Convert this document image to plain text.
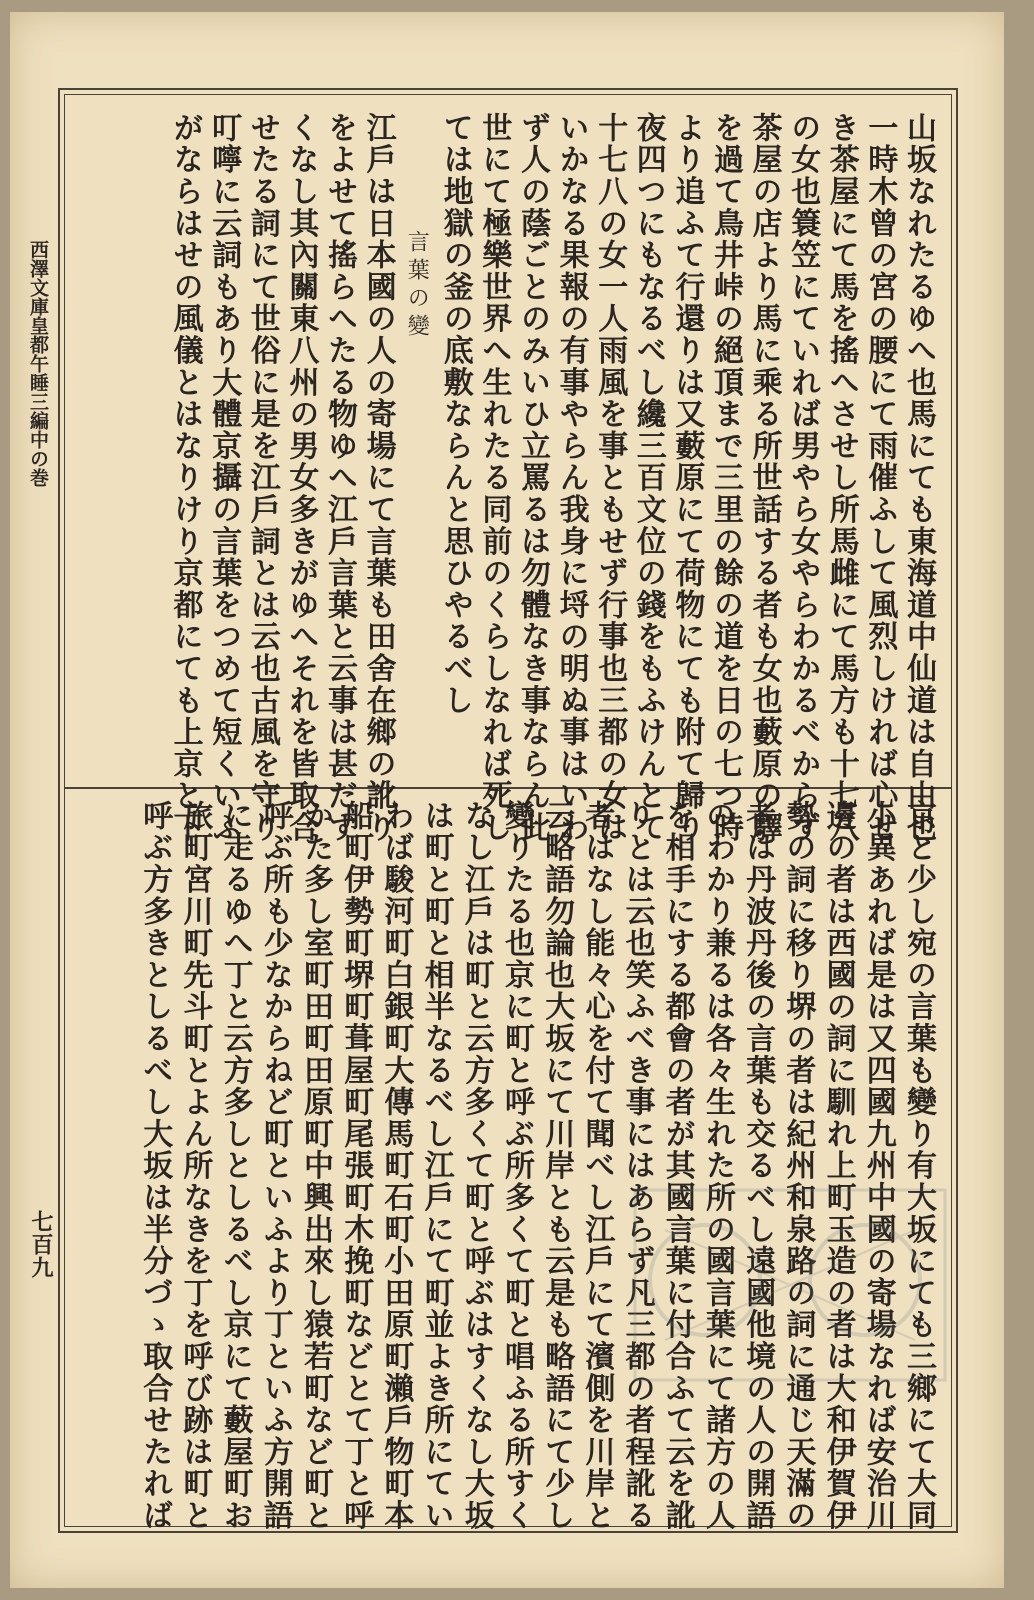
西澤文庫皇都午睡三編中の巻
七百九
山坂なれたるゆへ也馬にても東海道中仙道は自由也
一時木曾の宮の腰にて雨催ふして風烈しければ心せ
き茶屋にて馬を搖へさせし所馬雌にて馬方も十七八
の女也簑笠にていれば男やら女やらわかるべからず
茶屋の店より馬に乘る所世話する者も女也藪原の驛
を過て鳥井峠の絕頂まで三里の餘の道を日の七つ時
より追ふて行還りは又藪原にて荷物にても附て歸り
夜四つにもなるべし纔三百文位の錢をもふけんとて
十七八の女一人雨風を事ともせず行事也三都の女は
いかなる果報の有事やらん我身に埒の明ぬ事はいわ
ず人の蔭ごとのみいひ立罵るは勿體なき事ならん此
世にて極樂世界へ生れたる同前のくらしなれば死し
ては地獄の釜の底敷ならんと思ひやるべし
言葉の變
江戶は日本國の人の寄場にて言葉も田舍在鄉の訛り
をよせて搖らへたる物ゆへ江戶言葉と云事は甚だす
くなし其內關東八州の男女多きがゆへそれを皆取合
せたる詞にて世俗に是を江戶詞とは云也古風を守り
叮嚀に云詞もあり大體京攝の言葉をつめて短くいふ
がならはせの風儀とはなりけり京都にても上京と下
京と少し宛の言葉も變り有大坂にても三鄉にて大同
小異あれば是は又四國九州中國の寄場なれば安治川
邊の者は西國の詞に馴れ上町玉造の者は大和伊賀伊
勢の詞に移り堺の者は紀州和泉路の詞に通じ天滿の
者は丹波丹後の言葉も交るべし遠國他境の人の開語
のわかり兼るは各々生れた所の國言葉にて諸方の人
を相手にする都會の者が其國言葉に付合ふて云を訛
りとは云也笑ふべき事にはあらず凡三都の者程訛る
者はなし能々心を付て聞べし江戶にて濱側を川岸と
云略語勿論也大坂にて川岸とも云是も略語にて少し
變りたる也京に町と呼ぶ所多くて町と唱ふる所すく
なし江戶は町と云方多くて町と呼ぶはすくなし大坂
は町と町と相半なるべし江戶にて町並よき所にてい
わば駿河町白銀町大傳馬町石町小田原町瀨戶物町本
船町伊勢町堺町葺屋町尾張町木挽町などとて丁と呼
かた多し室町田町田原町中興出來し猿若町など町と
呼ぶ所も少なからねど町といふより丁といふ方開語
に走るゆへ丁と云方多しとしるべし京にて藪屋町お
旅町宮川町先斗町とよん所なきを丁を呼び跡は町と
呼ぶ方多きとしるべし大坂は半分づゝ取合せたれば
